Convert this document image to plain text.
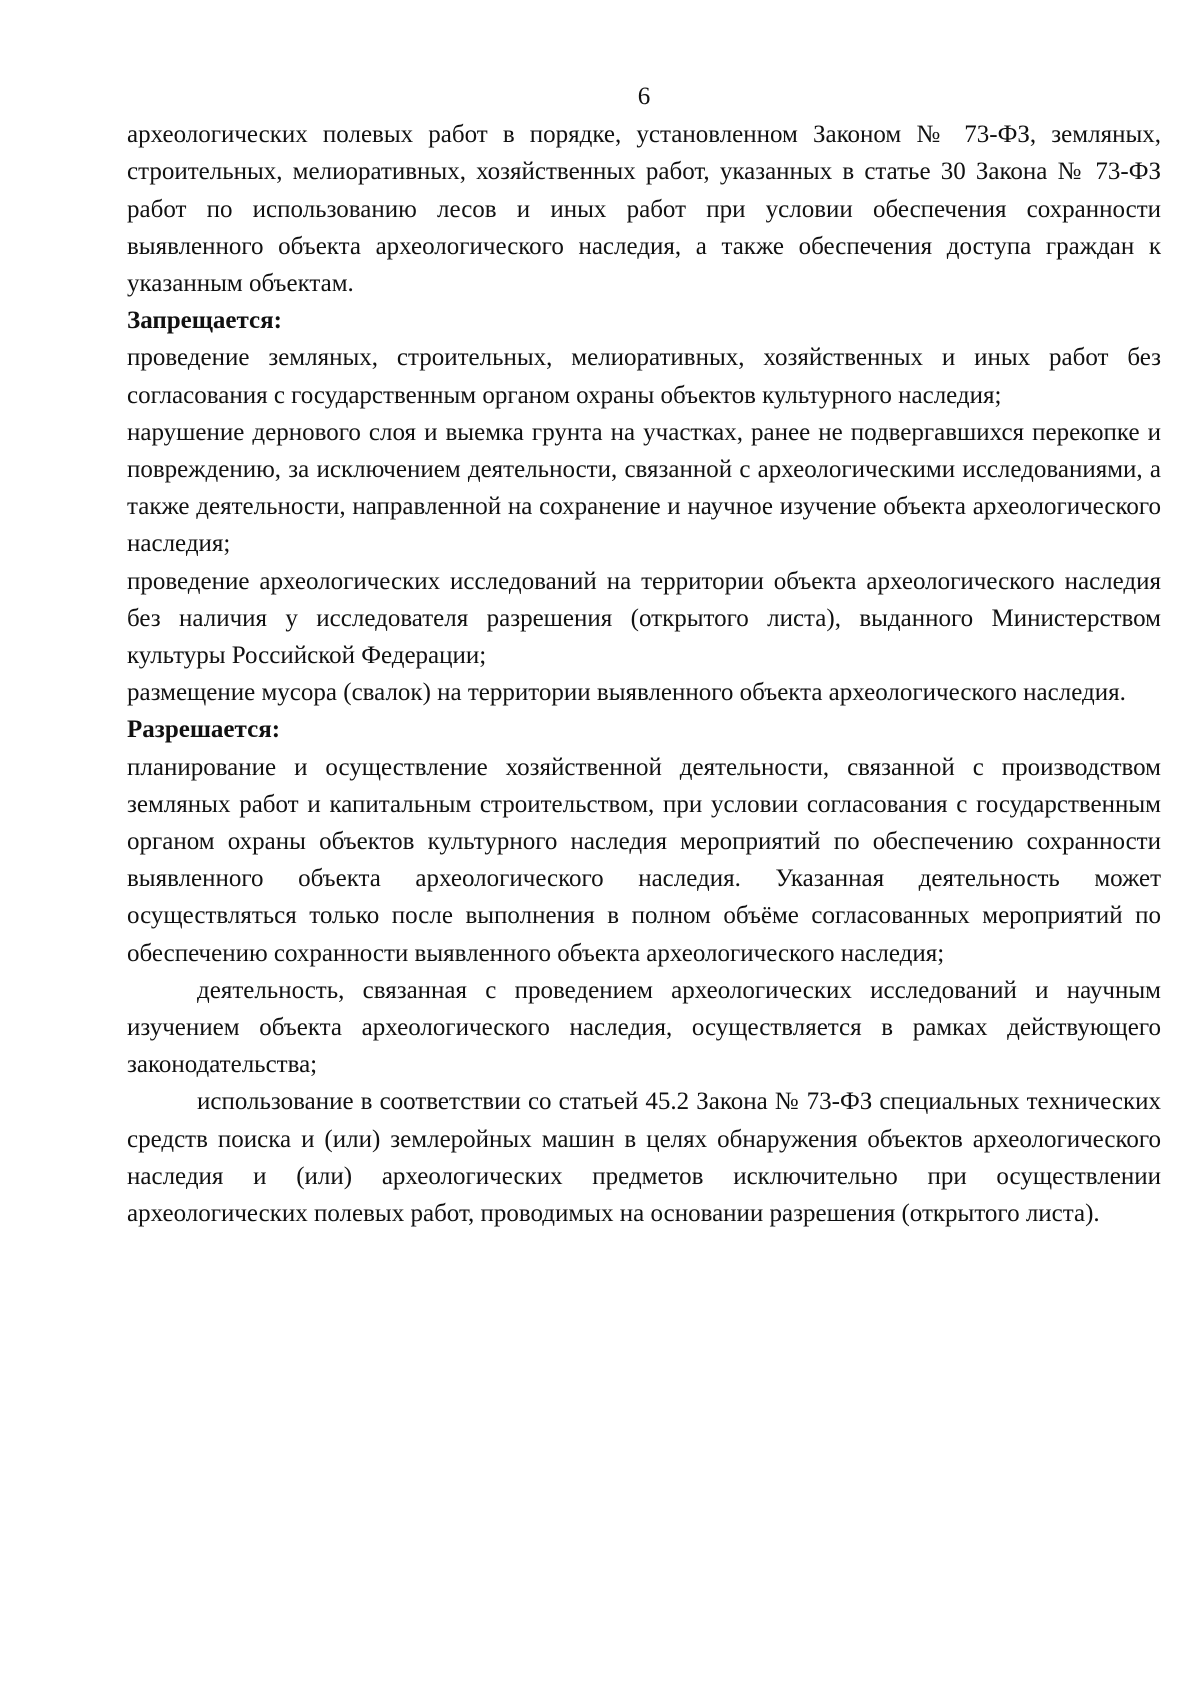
6

археологических полевых работ в порядке, установленном Законом № 73-ФЗ, земляных, строительных, мелиоративных, хозяйственных работ, указанных в статье 30 Закона № 73-ФЗ работ по использованию лесов и иных работ при условии обеспечения сохранности выявленного объекта археологического наследия, а также обеспечения доступа граждан к указанным объектам.

Запрещается:

проведение земляных, строительных, мелиоративных, хозяйственных и иных работ без согласования с государственным органом охраны объектов культурного наследия;

нарушение дернового слоя и выемка грунта на участках, ранее не подвергавшихся перекопке и повреждению, за исключением деятельности, связанной с археологическими исследованиями, а также деятельности, направленной на сохранение и научное изучение объекта археологического наследия;

проведение археологических исследований на территории объекта археологического наследия без наличия у исследователя разрешения (открытого листа), выданного Министерством культуры Российской Федерации;

размещение мусора (свалок) на территории выявленного объекта археологического наследия.

Разрешается:

планирование и осуществление хозяйственной деятельности, связанной с производством земляных работ и капитальным строительством, при условии согласования с государственным органом охраны объектов культурного наследия мероприятий по обеспечению сохранности выявленного объекта археологического наследия. Указанная деятельность может осуществляться только после выполнения в полном объёме согласованных мероприятий по обеспечению сохранности выявленного объекта археологического наследия;

деятельность, связанная с проведением археологических исследований и научным изучением объекта археологического наследия, осуществляется в рамках действующего законодательства;

использование в соответствии со статьей 45.2 Закона № 73-ФЗ специальных технических средств поиска и (или) землеройных машин в целях обнаружения объектов археологического наследия и (или) археологических предметов исключительно при осуществлении археологических полевых работ, проводимых на основании разрешения (открытого листа).
